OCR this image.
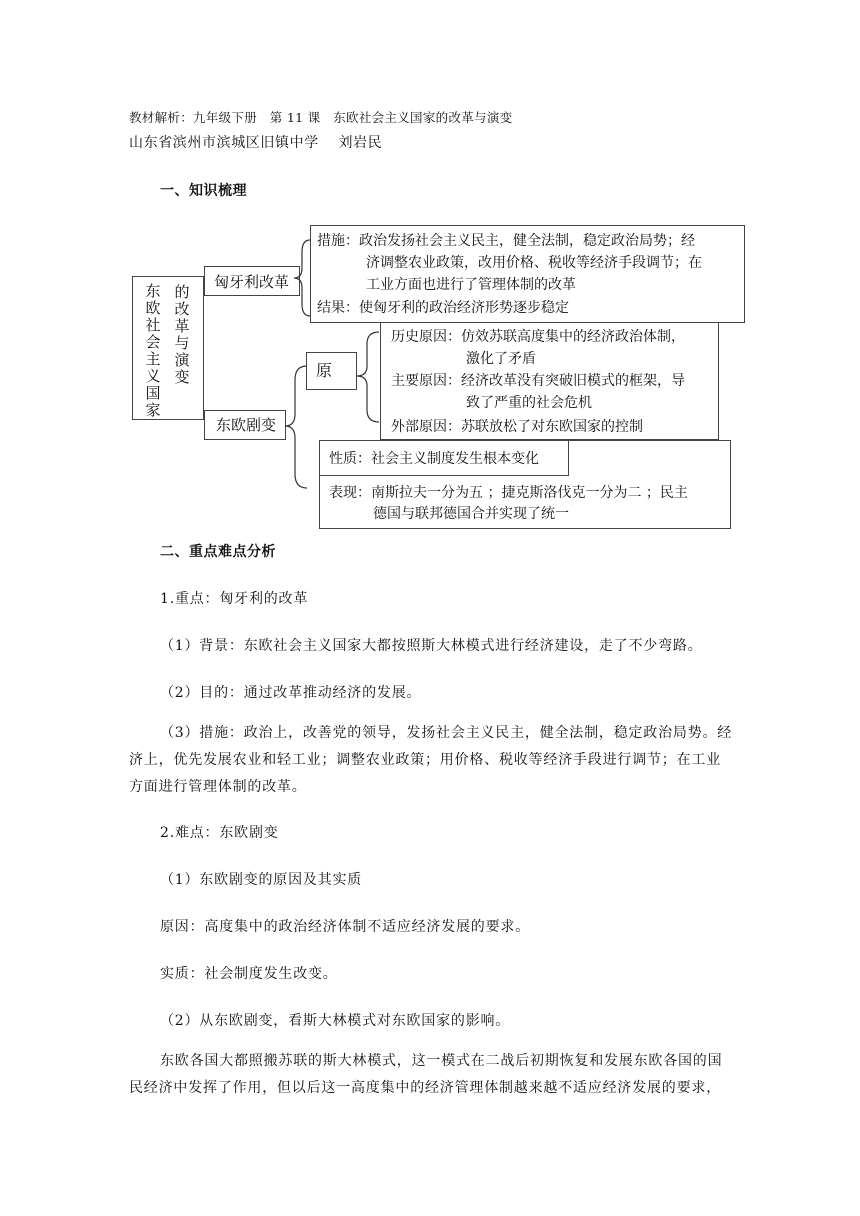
教材解析：九年级下册　第 11 课　东欧社会主义国家的改革与演变
山东省滨州市滨城区旧镇中学　 刘岩民
一、知识梳理
东欧社会主义国家
的改革与演变
匈牙利改革
措施：政治发扬社会主义民主，健全法制，稳定政治局势；经
济调整农业政策，改用价格、税收等经济手段调节；在
工业方面也进行了管理体制的改革
结果：使匈牙利的政治经济形势逐步稳定
东欧剧变
原
历史原因：仿效苏联高度集中的经济政治体制，
激化了矛盾
主要原因：经济改革没有突破旧模式的框架，导
致了严重的社会危机
外部原因：苏联放松了对东欧国家的控制
性质：社会主义制度发生根本变化
表现：南斯拉夫一分为五 ；捷克斯洛伐克一分为二 ；民主
德国与联邦德国合并实现了统一
二、重点难点分析
1.重点：匈牙利的改革
（1）背景：东欧社会主义国家大都按照斯大林模式进行经济建设，走了不少弯路。
（2）目的：通过改革推动经济的发展。
（3）措施：政治上，改善党的领导，发扬社会主义民主，健全法制，稳定政治局势。经济上，优先发展农业和轻工业；调整农业政策；用价格、税收等经济手段进行调节；在工业方面进行管理体制的改革。
2.难点：东欧剧变
（1）东欧剧变的原因及其实质
原因：高度集中的政治经济体制不适应经济发展的要求。
实质：社会制度发生改变。
（2）从东欧剧变，看斯大林模式对东欧国家的影响。
东欧各国大都照搬苏联的斯大林模式，这一模式在二战后初期恢复和发展东欧各国的国民经济中发挥了作用，但以后这一高度集中的经济管理体制越来越不适应经济发展的要求，
